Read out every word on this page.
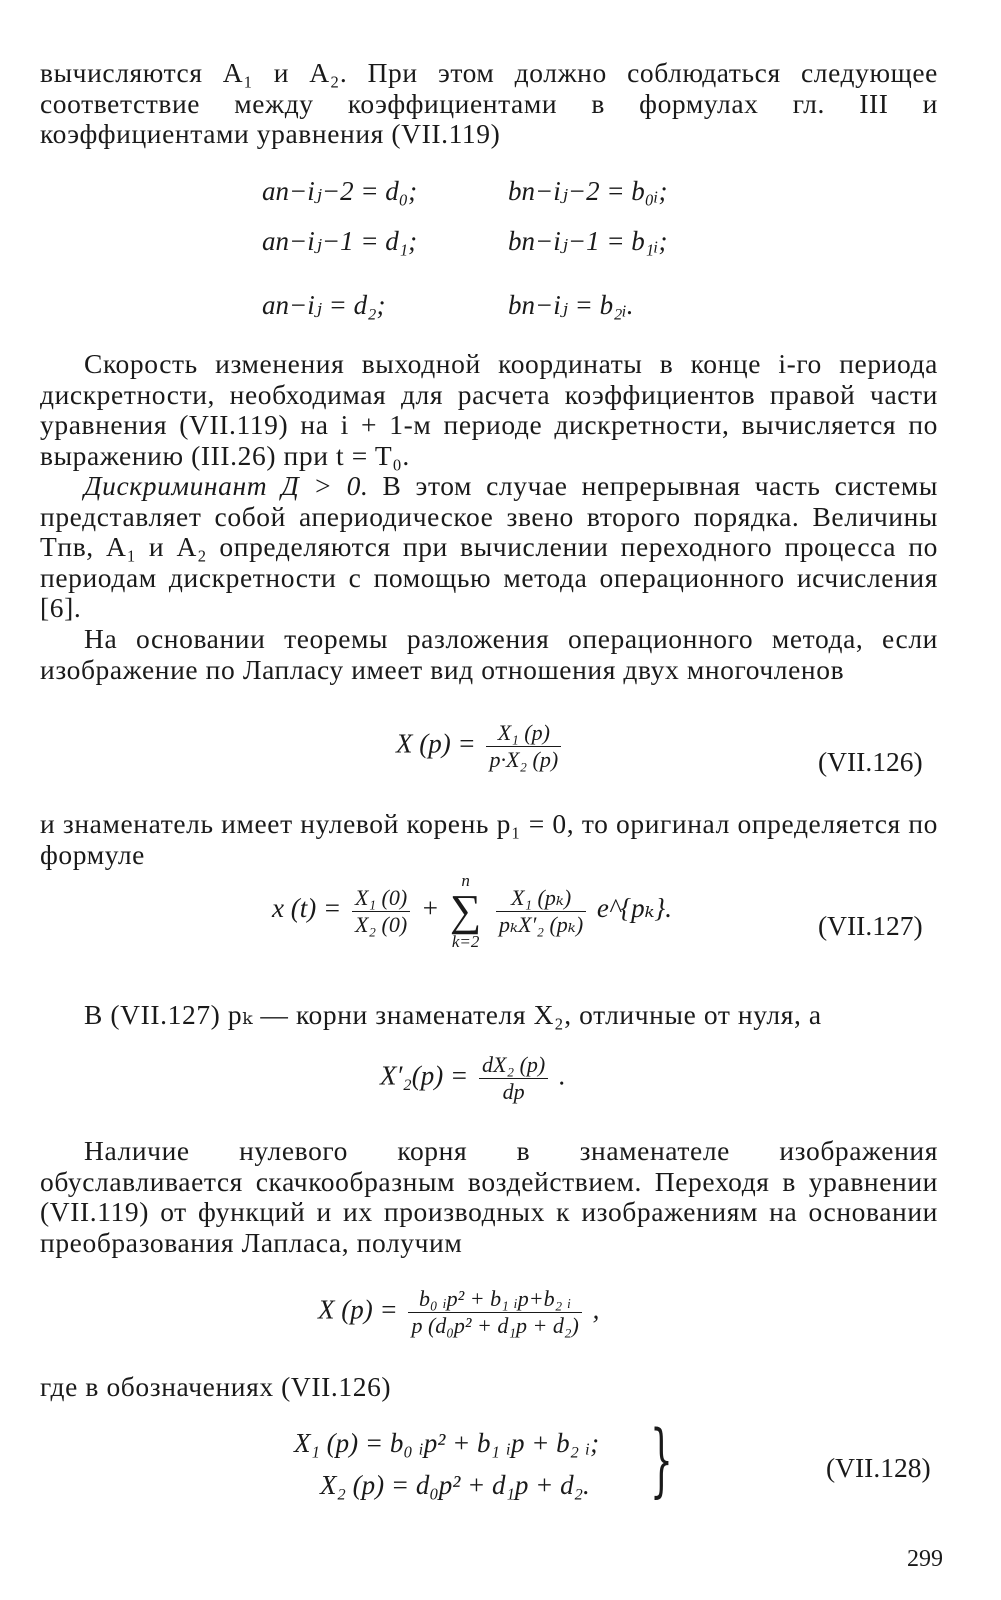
вычисляются A₁ и A₂. При этом должно соблюдаться следующее соответствие между коэффициентами в формулах гл. III и коэффициентами уравнения (VII.119)

an−iⱼ−2 = d₀;	bn−iⱼ−2 = b₀ᵢ;
an−iⱼ−1 = d₁;	bn−iⱼ−1 = b₁ᵢ;
an−iⱼ = d₂;	bn−iⱼ = b₂ᵢ.

Скорость изменения выходной координаты в конце i-го периода дискретности, необходимая для расчета коэффициентов правой части уравнения (VII.119) на i + 1-м периоде дискретности, вычисляется по выражению (III.26) при t = T₀.

Дискриминант Д > 0. В этом случае непрерывная часть системы представляет собой апериодическое звено второго порядка. Величины Tпв, A₁ и A₂ определяются при вычислении переходного процесса по периодам дискретности с помощью метода операционного исчисления [6].

На основании теоремы разложения операционного метода, если изображение по Лапласу имеет вид отношения двух многочленов

X $(p) = \frac{\text{X₁ (p)}}{\text{p·X₂ (p)}}$	(VII.126)

и знаменатель имеет нулевой корень p₁ = 0, то оригинал определяется по формуле

x $(t) = \frac{\text{X₁ (0)}}{\text{X₂ (0)}}$ +
n
∑
k=2

$\frac{\text{X₁ (pₖ)}}{\text{pₖX′₂ (pₖ)}}$ e^{pₖ}.
(VII.127)

В (VII.127) pₖ — корни знаменателя X₂, отличные от нуля, а

$X'_2(p) = \frac{\text{dX₂ (p)}}{dp}$ .

Наличие нулевого корня в знаменателе изображения обуславливается скачкообразным воздействием. Переходя в уравнении (VII.119) от функций и их производных к изображениям на основании преобразования Лапласа, получим

X $(p) = \frac{\text{b₀ ᵢp² + b₁ ᵢp+b₂ ᵢ}}{\text{p (d₀p² + d₁p + d₂)}}$ ,

где в обозначениях (VII.126)

X₁ (p) = b₀ ᵢp² + b₁ ᵢp + b₂ ᵢ;
X₂ (p) = d₀p² + d₁p + d₂. }	(VII.128)
299
